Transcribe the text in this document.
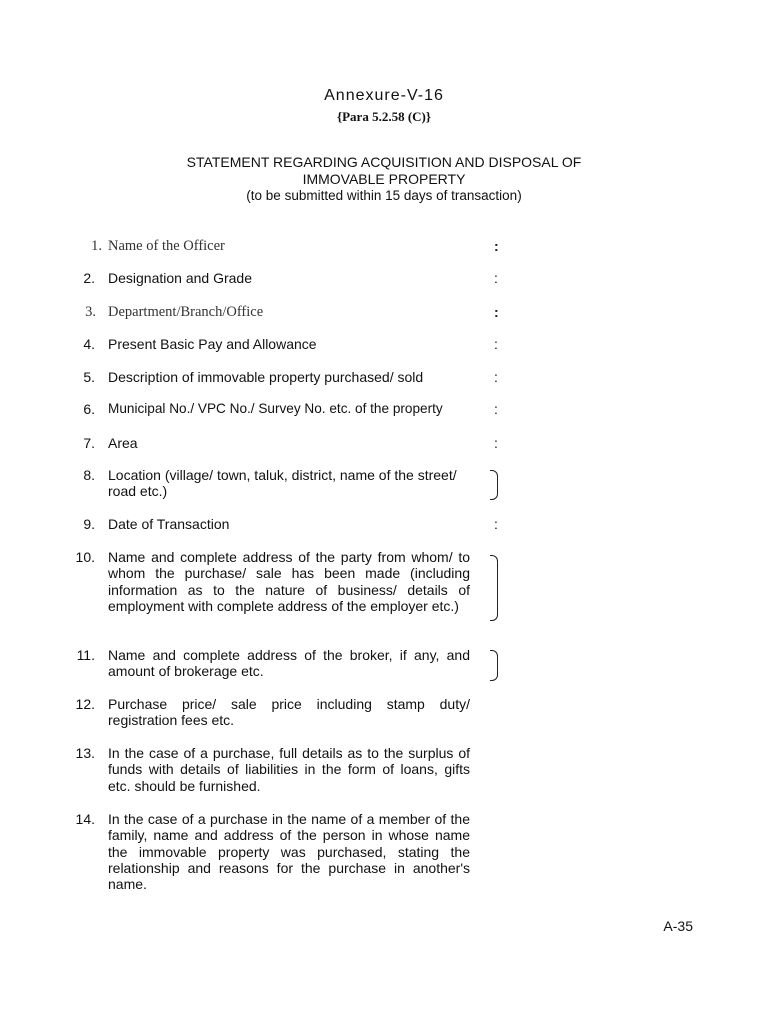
Annexure-V-16
{Para 5.2.58 (C)}
STATEMENT REGARDING ACQUISITION AND DISPOSAL OF
IMMOVABLE PROPERTY
(to be submitted within 15 days of transaction)
1. Name of the Officer	:
2. Designation and Grade	:
3. Department/Branch/Office	:
4. Present Basic Pay and Allowance	:
5. Description of immovable property purchased/ sold	:
6. Municipal No./ VPC No./ Survey No. etc. of the property	:
7. Area	:
8. Location (village/ town, taluk, district, name of the street/ road etc.)
9. Date of Transaction	:
10. Name and complete address of the party from whom/ to whom the purchase/ sale has been made (including information as to the nature of business/ details of employment with complete address of the employer etc.)
11. Name and complete address of the broker, if any, and amount of brokerage etc.
12. Purchase price/ sale price including stamp duty/ registration fees etc.
13. In the case of a purchase, full details as to the surplus of funds with details of liabilities in the form of loans, gifts etc. should be furnished.
14. In the case of a purchase in the name of a member of the family, name and address of the person in whose name the immovable property was purchased, stating the relationship and reasons for the purchase in another's name.
A-35
